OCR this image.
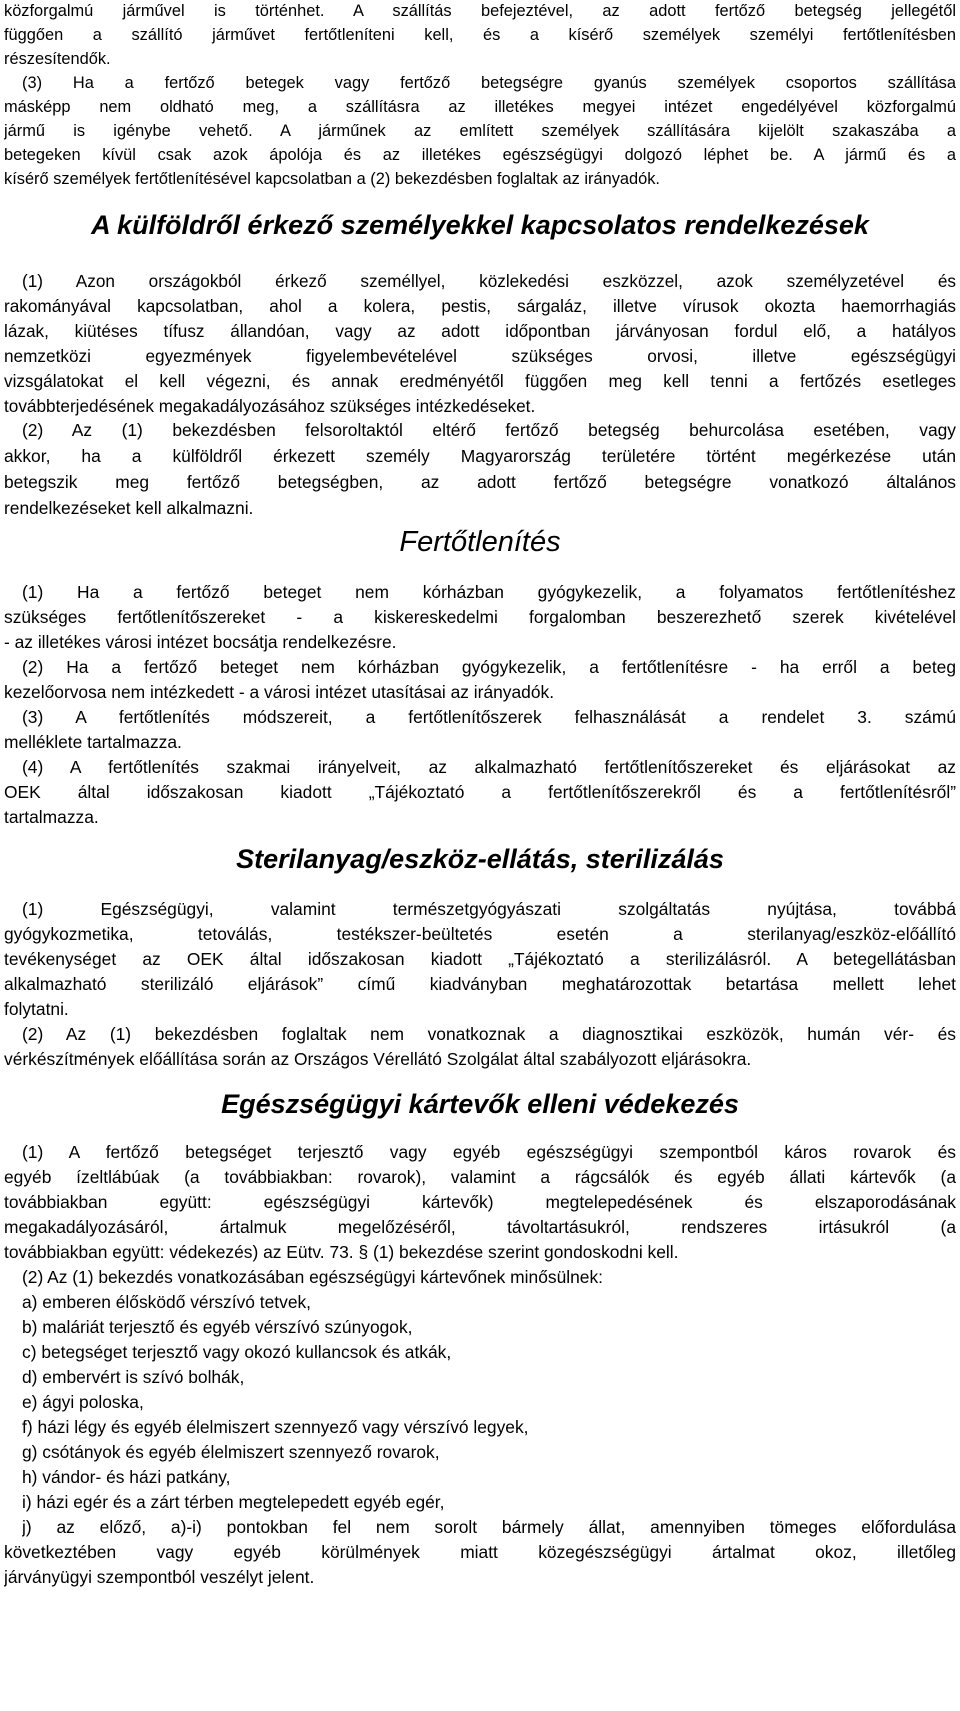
közforgalmú járművel is történhet. A szállítás befejeztével, az adott fertőző betegség jellegétől
függően a szállító járművet fertőtleníteni kell, és a kísérő személyek személyi fertőtlenítésben
részesítendők.
(3) Ha a fertőző betegek vagy fertőző betegségre gyanús személyek csoportos szállítása
másképp nem oldható meg, a szállításra az illetékes megyei intézet engedélyével közforgalmú
jármű is igénybe vehető. A járműnek az említett személyek szállítására kijelölt szakaszába a
betegeken kívül csak azok ápolója és az illetékes egészségügyi dolgozó léphet be. A jármű és a
kísérő személyek fertőtlenítésével kapcsolatban a (2) bekezdésben foglaltak az irányadók.
A külföldről érkező személyekkel kapcsolatos rendelkezések
(1) Azon országokból érkező személlyel, közlekedési eszközzel, azok személyzetével és
rakományával kapcsolatban, ahol a kolera, pestis, sárgaláz, illetve vírusok okozta haemorrhagiás
lázak, kiütéses tífusz állandóan, vagy az adott időpontban járványosan fordul elő, a hatályos
nemzetközi egyezmények figyelembevételével szükséges orvosi, illetve egészségügyi
vizsgálatokat el kell végezni, és annak eredményétől függően meg kell tenni a fertőzés esetleges
továbbterjedésének megakadályozásához szükséges intézkedéseket.
(2) Az (1) bekezdésben felsoroltaktól eltérő fertőző betegség behurcolása esetében, vagy
akkor, ha a külföldről érkezett személy Magyarország területére történt megérkezése után
betegszik meg fertőző betegségben, az adott fertőző betegségre vonatkozó általános
rendelkezéseket kell alkalmazni.
Fertőtlenítés
(1) Ha a fertőző beteget nem kórházban gyógykezelik, a folyamatos fertőtlenítéshez
szükséges fertőtlenítőszereket - a kiskereskedelmi forgalomban beszerezhető szerek kivételével
- az illetékes városi intézet bocsátja rendelkezésre.
(2) Ha a fertőző beteget nem kórházban gyógykezelik, a fertőtlenítésre - ha erről a beteg
kezelőorvosa nem intézkedett - a városi intézet utasításai az irányadók.
(3) A fertőtlenítés módszereit, a fertőtlenítőszerek felhasználását a rendelet 3. számú
melléklete tartalmazza.
(4) A fertőtlenítés szakmai irányelveit, az alkalmazható fertőtlenítőszereket és eljárásokat az
OEK által időszakosan kiadott „Tájékoztató a fertőtlenítőszerekről és a fertőtlenítésről”
tartalmazza.
Sterilanyag/eszköz-ellátás, sterilizálás
(1) Egészségügyi, valamint természetgyógyászati szolgáltatás nyújtása, továbbá
gyógykozmetika, tetoválás, testékszer-beültetés esetén a sterilanyag/eszköz-előállító
tevékenységet az OEK által időszakosan kiadott „Tájékoztató a sterilizálásról. A betegellátásban
alkalmazható sterilizáló eljárások” című kiadványban meghatározottak betartása mellett lehet
folytatni.
(2) Az (1) bekezdésben foglaltak nem vonatkoznak a diagnosztikai eszközök, humán vér- és
vérkészítmények előállítása során az Országos Vérellátó Szolgálat által szabályozott eljárásokra.
Egészségügyi kártevők elleni védekezés
(1) A fertőző betegséget terjesztő vagy egyéb egészségügyi szempontból káros rovarok és
egyéb ízeltlábúak (a továbbiakban: rovarok), valamint a rágcsálók és egyéb állati kártevők (a
továbbiakban együtt: egészségügyi kártevők) megtelepedésének és elszaporodásának
megakadályozásáról, ártalmuk megelőzéséről, távoltartásukról, rendszeres irtásukról (a
továbbiakban együtt: védekezés) az Eütv. 73. § (1) bekezdése szerint gondoskodni kell.
(2) Az (1) bekezdés vonatkozásában egészségügyi kártevőnek minősülnek:
a) emberen élősködő vérszívó tetvek,
b) maláriát terjesztő és egyéb vérszívó szúnyogok,
c) betegséget terjesztő vagy okozó kullancsok és atkák,
d) embervért is szívó bolhák,
e) ágyi poloska,
f) házi légy és egyéb élelmiszert szennyező vagy vérszívó legyek,
g) csótányok és egyéb élelmiszert szennyező rovarok,
h) vándor- és házi patkány,
i) házi egér és a zárt térben megtelepedett egyéb egér,
j) az előző, a)-i) pontokban fel nem sorolt bármely állat, amennyiben tömeges előfordulása
következtében vagy egyéb körülmények miatt közegészségügyi ártalmat okoz, illetőleg
járványügyi szempontból veszélyt jelent.
